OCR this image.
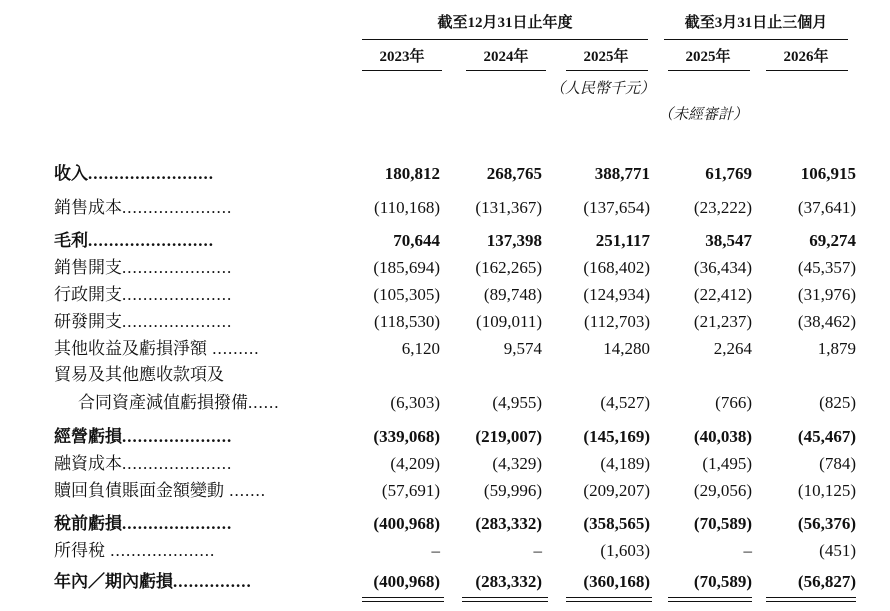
截至12月31日止年度	截至3月31日止三個月
2023年	2024年	2025年	2025年	2026年
（人民幣千元）
（未經審計）
收入........................	180,812	268,765	388,771	61,769	106,915
銷售成本.....................	(110,168) (131,367) (137,654)	(23,222)	(37,641)
毛利........................	70,644	137,398	251,117	38,547	69,274
銷售開支.....................	(185,694) (162,265) (168,402)	(36,434)	(45,357)
行政開支.....................	(105,305)	(89,748) (124,934)	(22,412)	(31,976)
研發開支.....................	(118,530) (109,011) (112,703)	(21,237)	(38,462)
其他收益及虧損淨額 .........	6,120	9,574	14,280	2,264	1,879
貿易及其他應收款項及
合同資產減值虧損撥備......	(6,303)	(4,955)	(4,527)	(766)	(825)
經營虧損.....................	(339,068) (219,007) (145,169)	(40,038)	(45,467)
融資成本.....................	(4,209)	(4,329)	(4,189)	(1,495)	(784)
贖回負債賬面金額變動 .......	(57,691)	(59,996) (209,207)	(29,056)	(10,125)
稅前虧損.....................	(400,968) (283,332) (358,565)	(70,589)	(56,376)
所得稅 ....................	–	–	(1,603)	–	(451)
年內／期內虧損...............	(400,968) (283,332) (360,168)	(70,589)	(56,827)
